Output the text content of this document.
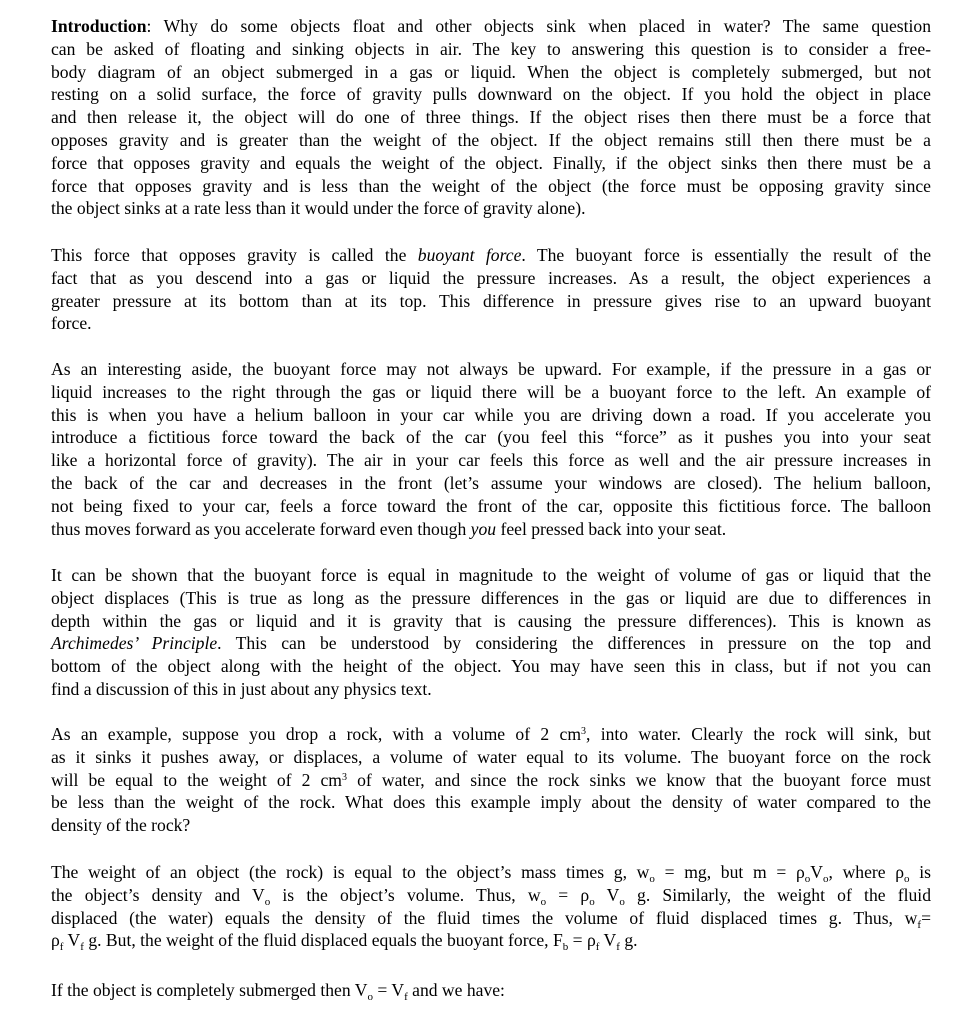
Introduction: Why do some objects float and other objects sink when placed in water? The same question
can be asked of floating and sinking objects in air. The key to answering this question is to consider a free-
body diagram of an object submerged in a gas or liquid. When the object is completely submerged, but not
resting on a solid surface, the force of gravity pulls downward on the object. If you hold the object in place
and then release it, the object will do one of three things. If the object rises then there must be a force that
opposes gravity and is greater than the weight of the object. If the object remains still then there must be a
force that opposes gravity and equals the weight of the object. Finally, if the object sinks then there must be a
force that opposes gravity and is less than the weight of the object (the force must be opposing gravity since
the object sinks at a rate less than it would under the force of gravity alone).

This force that opposes gravity is called the buoyant force. The buoyant force is essentially the result of the
fact that as you descend into a gas or liquid the pressure increases. As a result, the object experiences a
greater pressure at its bottom than at its top. This difference in pressure gives rise to an upward buoyant
force.

As an interesting aside, the buoyant force may not always be upward. For example, if the pressure in a gas or
liquid increases to the right through the gas or liquid there will be a buoyant force to the left. An example of
this is when you have a helium balloon in your car while you are driving down a road. If you accelerate you
introduce a fictitious force toward the back of the car (you feel this “force” as it pushes you into your seat
like a horizontal force of gravity). The air in your car feels this force as well and the air pressure increases in
the back of the car and decreases in the front (let’s assume your windows are closed). The helium balloon,
not being fixed to your car, feels a force toward the front of the car, opposite this fictitious force. The balloon
thus moves forward as you accelerate forward even though you feel pressed back into your seat.

It can be shown that the buoyant force is equal in magnitude to the weight of volume of gas or liquid that the
object displaces (This is true as long as the pressure differences in the gas or liquid are due to differences in
depth within the gas or liquid and it is gravity that is causing the pressure differences). This is known as
Archimedes’ Principle. This can be understood by considering the differences in pressure on the top and
bottom of the object along with the height of the object. You may have seen this in class, but if not you can
find a discussion of this in just about any physics text.

As an example, suppose you drop a rock, with a volume of 2 $cm^3$, into water. Clearly the rock will sink, but
as it sinks it pushes away, or displaces, a volume of water equal to its volume. The buoyant force on the rock
will be equal to the weight of 2 $cm^3$ of water, and since the rock sinks we know that the buoyant force must
be less than the weight of the rock. What does this example imply about the density of water compared to the
density of the rock?

The weight of an object (the rock) is equal to the object’s mass times g, $w_o$ = mg, but $m = \rho_oV_o$, where $\rho_o$ is
the object’s density and $V_o$ is the object’s volume. Thus, $w_o = \rho_o$ $V_o$ g. Similarly, the weight of the fluid
displaced (the water) equals the density of the fluid times the volume of fluid displaced times g. Thus, $w_f=$
$\rho_f$ $V_f$ g. But, the weight of the fluid displaced equals the buoyant force, $F_b = \rho_f$ $V_f$ g.

If the object is completely submerged then $V_o = V_f$ and we have:
